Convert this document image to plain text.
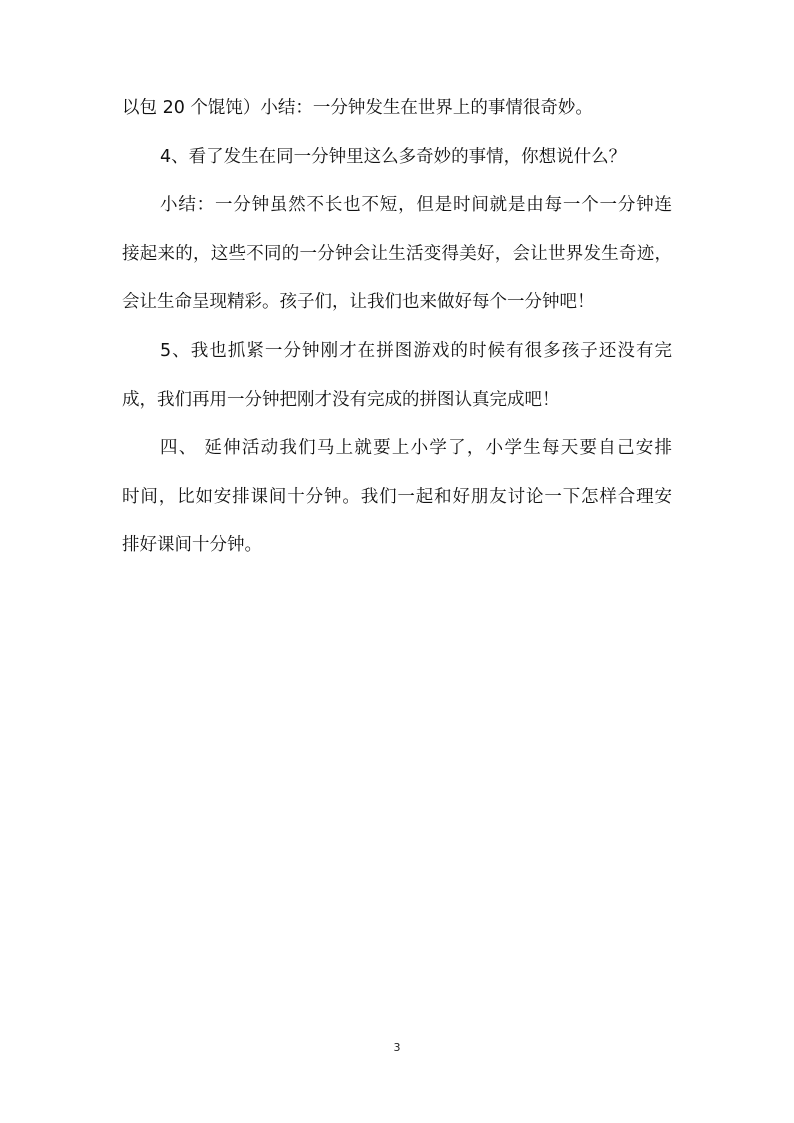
以包 20 个馄饨）小结：一分钟发生在世界上的事情很奇妙。
4、看了发生在同一分钟里这么多奇妙的事情，你想说什么？
小结：一分钟虽然不长也不短，但是时间就是由每一个一分钟连
接起来的，这些不同的一分钟会让生活变得美好，会让世界发生奇迹，
会让生命呈现精彩。孩子们，让我们也来做好每个一分钟吧！
5、我也抓紧一分钟刚才在拼图游戏的时候有很多孩子还没有完
成，我们再用一分钟把刚才没有完成的拼图认真完成吧！
四、 延伸活动我们马上就要上小学了，小学生每天要自己安排
时间，比如安排课间十分钟。我们一起和好朋友讨论一下怎样合理安
排好课间十分钟。
3
